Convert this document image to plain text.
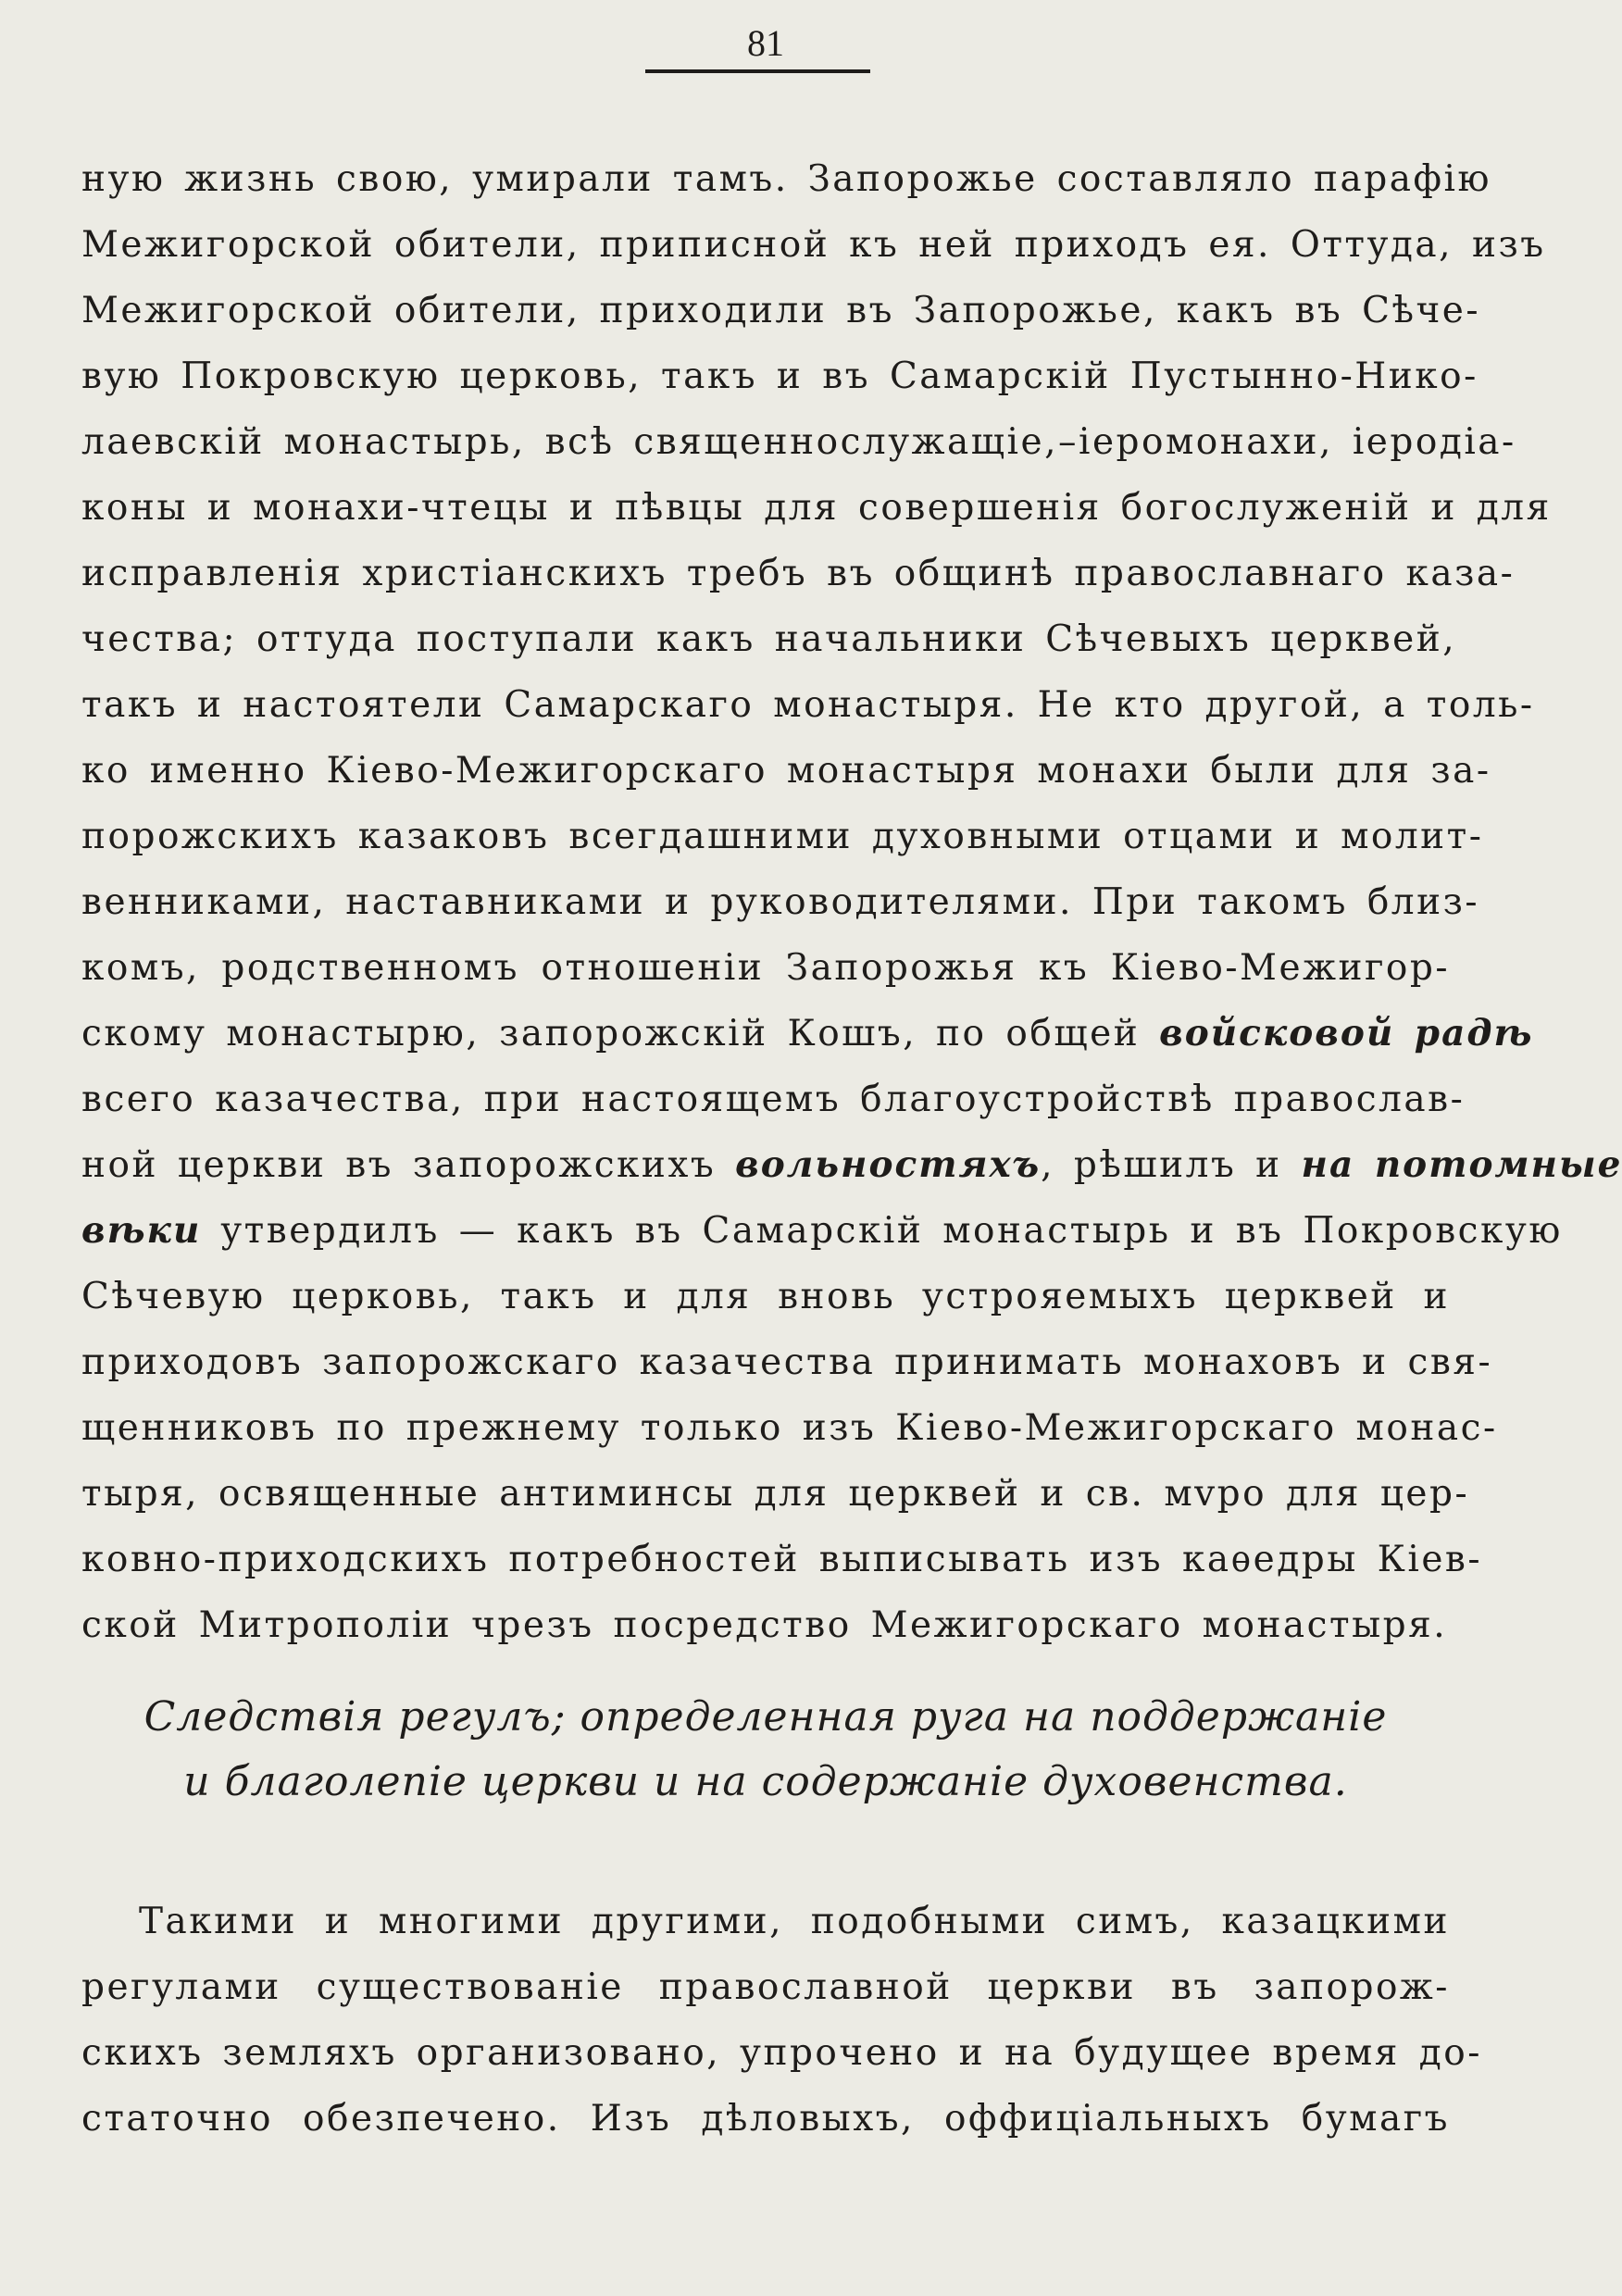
81
ную жизнь свою, умирали тамъ. Запорожье составляло парафію
Межигорской обители, приписной къ ней приходъ ея. Оттуда, изъ
Межигорской обители, приходили въ Запорожье, какъ въ Сѣче-
вую Покровскую церковь, такъ и въ Самарскій Пустынно-Нико-
лаевскій монастырь, всѣ священнослужащіе,–іеромонахи, іеродіа-
коны и монахи-чтецы и пѣвцы для совершенія богослуженій и для
исправленія христіанскихъ требъ въ общинѣ православнаго каза-
чества; оттуда поступали какъ начальники Сѣчевыхъ церквей,
такъ и настоятели Самарскаго монастыря. Не кто другой, а толь-
ко именно Кіево-Межигорскаго монастыря монахи были для за-
порожскихъ казаковъ всегдашними духовными отцами и молит-
венниками, наставниками и руководителями. При такомъ близ-
комъ, родственномъ отношеніи Запорожья къ Кіево-Межигор-
скому монастырю, запорожскій Кошъ, по общей войсковой радѣ
всего казачества, при настоящемъ благоустройствѣ православ-
ной церкви въ запорожскихъ вольностяхъ, рѣшилъ и на потомные
вѣки утвердилъ — какъ въ Самарскій монастырь и въ Покровскую
Сѣчевую церковь, такъ и для вновь устрояемыхъ церквей и
приходовъ запорожскаго казачества принимать монаховъ и свя-
щенниковъ по прежнему только изъ Кіево-Межигорскаго монас-
тыря, освященные антиминсы для церквей и св. мvро для цер-
ковно-приходскихъ потребностей выписывать изъ каѳедры Кіев-
ской Митрополіи чрезъ посредство Межигорскаго монастыря.
Следствія регулъ; определенная руга на поддержаніе
и благолепіе церкви и на содержаніе духовенства.
Такими и многими другими, подобными симъ, казацкими
регулами существованіе православной церкви въ запорож-
скихъ земляхъ организовано, упрочено и на будущее время до-
статочно обезпечено. Изъ дѣловыхъ, оффиціальныхъ бумагъ
